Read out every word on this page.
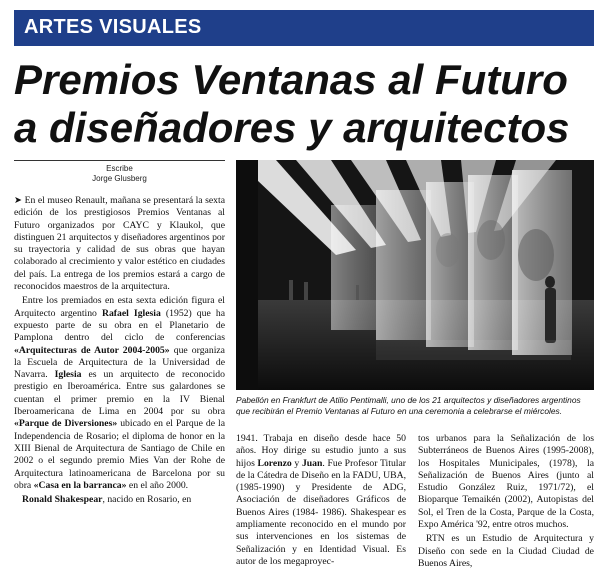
ARTES VISUALES
Premios Ventanas al Futuro
a diseñadores y arquitectos
Escribe
Jorge Glusberg

➤ En el museo Renault, mañana se presentará la sexta edición de los prestigiosos Premios Ventanas al Futuro organizados por CAYC y Klaukol, que distinguen 21 arquitectos y diseñadores argentinos por su trayectoria y calidad de sus obras que hayan colaborado al crecimiento y valor estético en ciudades del país. La entrega de los premios estará a cargo de reconocidos maestros de la arquitectura.

Entre los premiados en esta sexta edición figura el Arquitecto argentino Rafael Iglesia (1952) que ha expuesto parte de su obra en el Planetario de Pamplona dentro del ciclo de conferencias «Arquitecturas de Autor 2004-2005» que organiza la Escuela de Arquitectura de la Universidad de Navarra. Iglesia es un arquitecto de reconocido prestigio en Iberoamérica. Entre sus galardones se cuentan el primer premio en la IV Bienal Iberoamericana de Lima en 2004 por su obra «Parque de Diversiones» ubicado en el Parque de la Independencia de Rosario; el diploma de honor en la XIII Bienal de Arquitectura de Santiago de Chile en 2002 o el segundo premio Mies Van der Rohe de Arquitectura latinoamericana de Barcelona por su obra «Casa en la barranca» en el año 2000.

Ronald Shakespear, nacido en Rosario, en

Pabellón en Frankfurt de Atilio Pentimalli, uno de los 21 arquitectos y diseñadores argentinos que recibirán el Premio Ventanas al Futuro en una ceremonia a celebrarse el miércoles.

1941. Trabaja en diseño desde hace 50 años. Hoy dirige su estudio junto a sus hijos Lorenzo y Juan. Fue Profesor Titular de la Cátedra de Diseño en la FADU, UBA, (1985-1990) y Presidente de ADG, Asociación de diseñadores Gráficos de Buenos Aires (1984- 1986). Shakespear es ampliamente reconocido en el mundo por sus intervenciones en los sistemas de Señalización y en Identidad Visual. Es autor de los megaproyec-

tos urbanos para la Señalización de los Subterráneos de Buenos Aires (1995-2008), los Hospitales Municipales, (1978), la Señalización de Buenos Aires (junto al Estudio González Ruiz, 1971/72), el Bioparque Temaikén (2002), Autopistas del Sol, el Tren de la Costa, Parque de la Costa, Expo América '92, entre otros muchos.

RTN es un Estudio de Arquitectura y Diseño con sede en la Ciudad Ciudad de Buenos Aires,
